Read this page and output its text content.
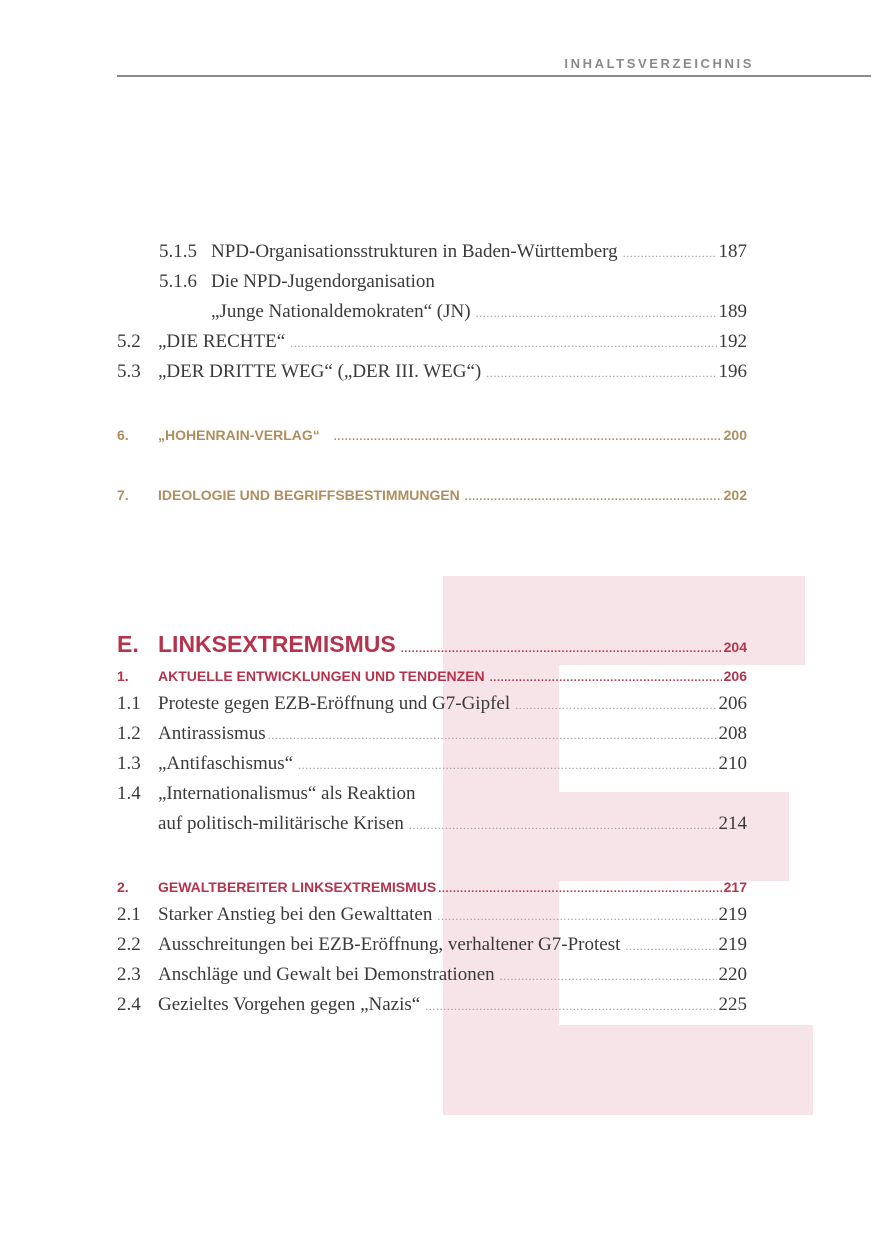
INHALTSVERZEICHNIS
5.1.5 NPD-Organisationsstrukturen in Baden-Württemberg .....	187
5.1.6 Die NPD-Jugendorganisation
„Junge Nationaldemokraten“ (JN) .....	189
5.2 „DIE RECHTE“ .....	192
5.3 „DER DRITTE WEG“ („DER III. WEG“) .....	196
6.	„HOHENRAIN-VERLAG“ .....	200
7.	IDEOLOGIE UND BEGRIFFSBESTIMMUNGEN .....	202
E. LINKSEXTREMISMUS .....	204
1.	AKTUELLE ENTWICKLUNGEN UND TENDENZEN .....	206
1.1 Proteste gegen EZB-Eröffnung und G7-Gipfel .....	206
1.2 Antirassismus .....	208
1.3 „Antifaschismus“ .....	210
1.4 „Internationalismus“ als Reaktion
auf politisch-militärische Krisen .....	214
2.	GEWALTBEREITER LINKSEXTREMISMUS .....	217
2.1 Starker Anstieg bei den Gewalttaten .....	219
2.2 Ausschreitungen bei EZB-Eröffnung, verhaltener G7-Protest .....	219
2.3 Anschläge und Gewalt bei Demonstrationen .....	220
2.4 Gezieltes Vorgehen gegen „Nazis“ .....	225
